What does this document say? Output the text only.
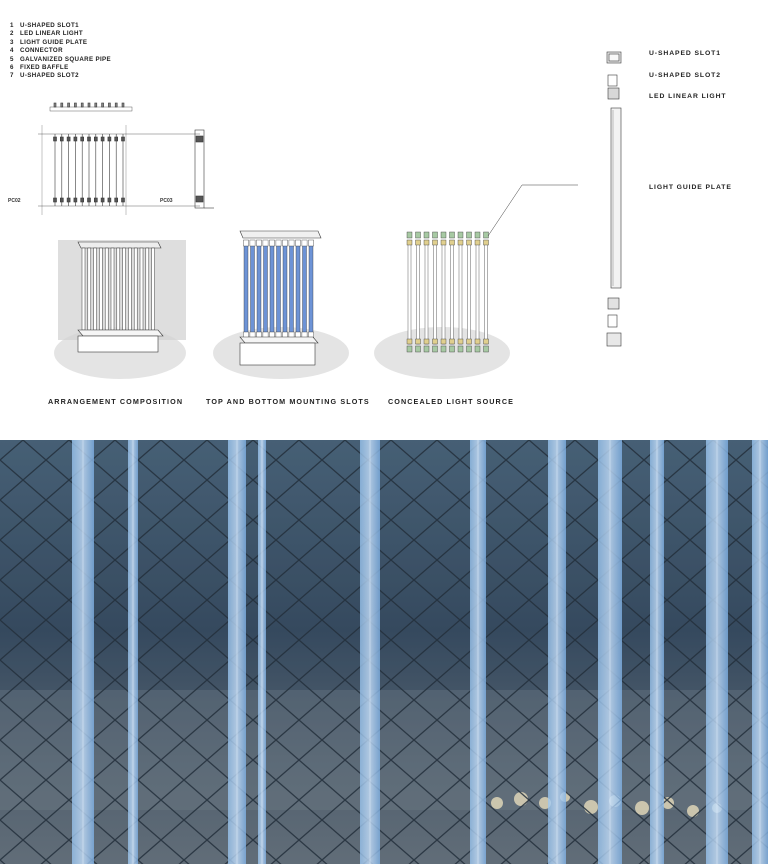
1 U-SHAPED SLOT1
2 LED LINEAR LIGHT
3 LIGHT GUIDE PLATE
4 CONNECTOR
5 GALVANIZED SQUARE PIPE
6 FIXED BAFFLE
7 U-SHAPED SLOT2
PC02	PC03
U-SHAPED SLOT1
U-SHAPED SLOT2
LED LINEAR LIGHT
LIGHT GUIDE PLATE
ARRANGEMENT COMPOSITION	TOP AND BOTTOM MOUNTING SLOTS	CONCEALED LIGHT SOURCE
